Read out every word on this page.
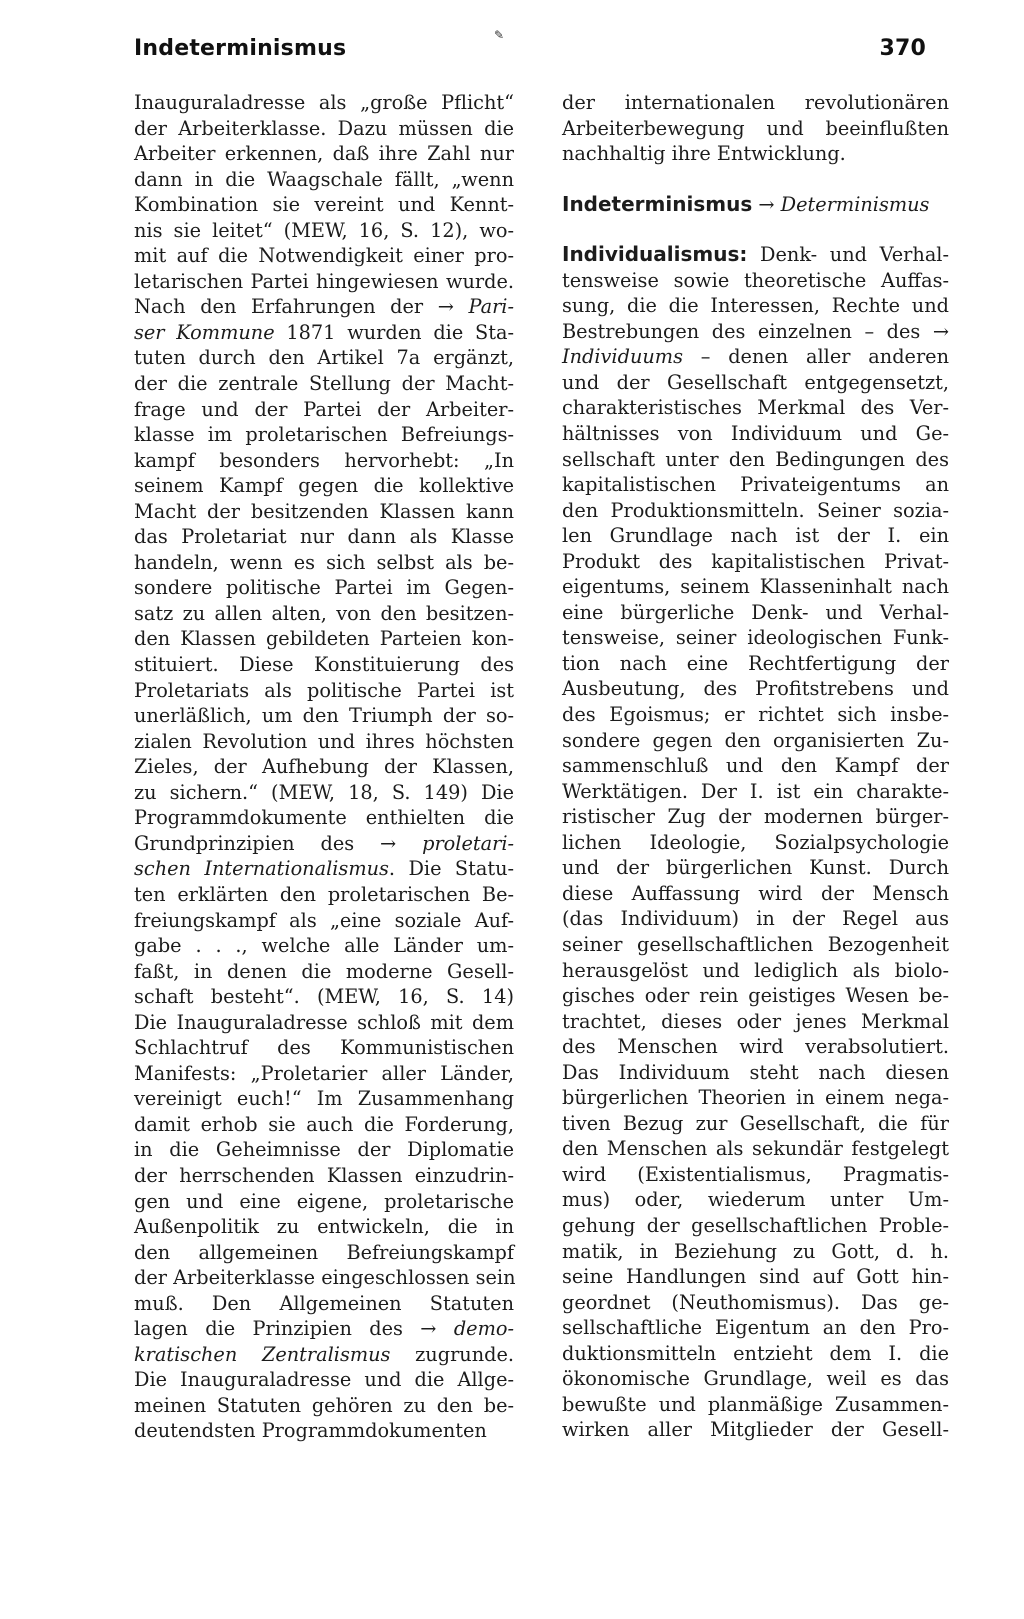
Indeterminismus
✎
370
Inauguraladresse als „große Pflicht“
der Arbeiterklasse. Dazu müssen die
Arbeiter erkennen, daß ihre Zahl nur
dann in die Waagschale fällt, „wenn
Kombination sie vereint und Kennt-
nis sie leitet“ (MEW, 16, S. 12), wo-
mit auf die Notwendigkeit einer pro-
letarischen Partei hingewiesen wurde.
Nach den Erfahrungen der → Pari-
ser Kommune 1871 wurden die Sta-
tuten durch den Artikel 7a ergänzt,
der die zentrale Stellung der Macht-
frage und der Partei der Arbeiter-
klasse im proletarischen Befreiungs-
kampf besonders hervorhebt: „In
seinem Kampf gegen die kollektive
Macht der besitzenden Klassen kann
das Proletariat nur dann als Klasse
handeln, wenn es sich selbst als be-
sondere politische Partei im Gegen-
satz zu allen alten, von den besitzen-
den Klassen gebildeten Parteien kon-
stituiert. Diese Konstituierung des
Proletariats als politische Partei ist
unerläßlich, um den Triumph der so-
zialen Revolution und ihres höchsten
Zieles, der Aufhebung der Klassen,
zu sichern.“ (MEW, 18, S. 149) Die
Programmdokumente enthielten die
Grundprinzipien des → proletari-
schen Internationalismus. Die Statu-
ten erklärten den proletarischen Be-
freiungskampf als „eine soziale Auf-
gabe . . ., welche alle Länder um-
faßt, in denen die moderne Gesell-
schaft besteht“. (MEW, 16, S. 14)
Die Inauguraladresse schloß mit dem
Schlachtruf des Kommunistischen
Manifests: „Proletarier aller Länder,
vereinigt euch!“ Im Zusammenhang
damit erhob sie auch die Forderung,
in die Geheimnisse der Diplomatie
der herrschenden Klassen einzudrin-
gen und eine eigene, proletarische
Außenpolitik zu entwickeln, die in
den allgemeinen Befreiungskampf
der Arbeiterklasse eingeschlossen sein
muß. Den Allgemeinen Statuten
lagen die Prinzipien des → demo-
kratischen Zentralismus zugrunde.
Die Inauguraladresse und die Allge-
meinen Statuten gehören zu den be-
deutendsten Programmdokumenten
der internationalen revolutionären
Arbeiterbewegung und beeinflußten
nachhaltig ihre Entwicklung.
Indeterminismus → Determinismus
Individualismus: Denk- und Verhal-
tensweise sowie theoretische Auffas-
sung, die die Interessen, Rechte und
Bestrebungen des einzelnen – des →
Individuums – denen aller anderen
und der Gesellschaft entgegensetzt,
charakteristisches Merkmal des Ver-
hältnisses von Individuum und Ge-
sellschaft unter den Bedingungen des
kapitalistischen Privateigentums an
den Produktionsmitteln. Seiner sozia-
len Grundlage nach ist der I. ein
Produkt des kapitalistischen Privat-
eigentums, seinem Klasseninhalt nach
eine bürgerliche Denk- und Verhal-
tensweise, seiner ideologischen Funk-
tion nach eine Rechtfertigung der
Ausbeutung, des Profitstrebens und
des Egoismus; er richtet sich insbe-
sondere gegen den organisierten Zu-
sammenschluß und den Kampf der
Werktätigen. Der I. ist ein charakte-
ristischer Zug der modernen bürger-
lichen Ideologie, Sozialpsychologie
und der bürgerlichen Kunst. Durch
diese Auffassung wird der Mensch
(das Individuum) in der Regel aus
seiner gesellschaftlichen Bezogenheit
herausgelöst und lediglich als biolo-
gisches oder rein geistiges Wesen be-
trachtet, dieses oder jenes Merkmal
des Menschen wird verabsolutiert.
Das Individuum steht nach diesen
bürgerlichen Theorien in einem nega-
tiven Bezug zur Gesellschaft, die für
den Menschen als sekundär festgelegt
wird (Existentialismus, Pragmatis-
mus) oder, wiederum unter Um-
gehung der gesellschaftlichen Proble-
matik, in Beziehung zu Gott, d. h.
seine Handlungen sind auf Gott hin-
geordnet (Neuthomismus). Das ge-
sellschaftliche Eigentum an den Pro-
duktionsmitteln entzieht dem I. die
ökonomische Grundlage, weil es das
bewußte und planmäßige Zusammen-
wirken aller Mitglieder der Gesell-
